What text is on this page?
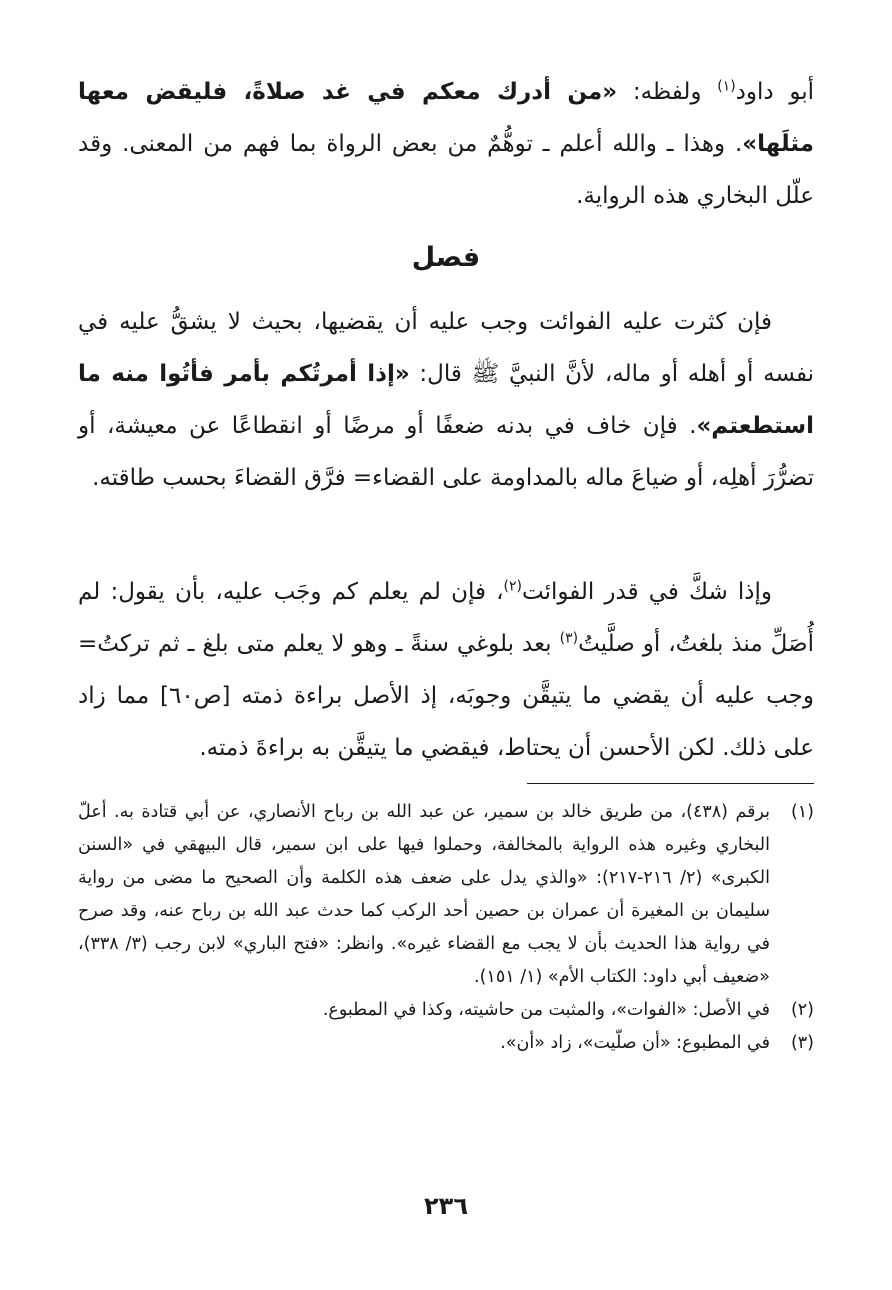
أبو داود$^{(١)}$ ولفظه: «من أدرك معكم في غد صلاةً، فليقض معها مثلَها». وهذا ـ والله أعلم ـ توهُّمٌ من بعض الرواة بما فهم من المعنى. وقد علّل البخاري هذه الرواية.
فصل
فإن كثرت عليه الفوائت وجب عليه أن يقضيها، بحيث لا يشقُّ عليه في نفسه أو أهله أو ماله، لأنَّ النبيَّ ﷺ قال: «إذا أمرتُكم بأمر فأتُوا منه ما استطعتم». فإن خاف في بدنه ضعفًا أو مرضًا أو انقطاعًا عن معيشة، أو تضرُّرَ أهلِه، أو ضياعَ ماله بالمداومة على القضاء= فرَّق القضاءَ بحسب طاقته.
وإذا شكَّ في قدر الفوائت$^{(٢)}$، فإن لم يعلم كم وجَب عليه، بأن يقول: لم أُصَلِّ منذ بلغتُ، أو صلَّيتُ$^{(٣)}$ بعد بلوغي سنةً ـ وهو لا يعلم متى بلغ ـ ثم تركتُ= وجب عليه أن يقضي ما يتيقَّن وجوبَه، إذ الأصل براءة ذمته [ص٦٠] مما زاد على ذلك. لكن الأحسن أن يحتاط، فيقضي ما يتيقَّن به براءةَ ذمته.
(١)
برقم (٤٣٨)، من طريق خالد بن سمير، عن عبد الله بن رباح الأنصاري، عن أبي قتادة به. أعلّ البخاري وغيره هذه الرواية بالمخالفة، وحملوا فيها على ابن سمير، قال البيهقي في «السنن الكبرى» (٢/ ٢١٦-٢١٧): «والذي يدل على ضعف هذه الكلمة وأن الصحيح ما مضى من رواية سليمان بن المغيرة أن عمران بن حصين أحد الركب كما حدث عبد الله بن رباح عنه، وقد صرح في رواية هذا الحديث بأن لا يجب مع القضاء غيره». وانظر: «فتح الباري» لابن رجب (٣/ ٣٣٨)، «ضعيف أبي داود: الكتاب الأم» (١/ ١٥١).
(٢)
في الأصل: «الفوات»، والمثبت من حاشيته، وكذا في المطبوع.
(٣)
في المطبوع: «أن صلّيت»، زاد «أن».
٢٣٦
